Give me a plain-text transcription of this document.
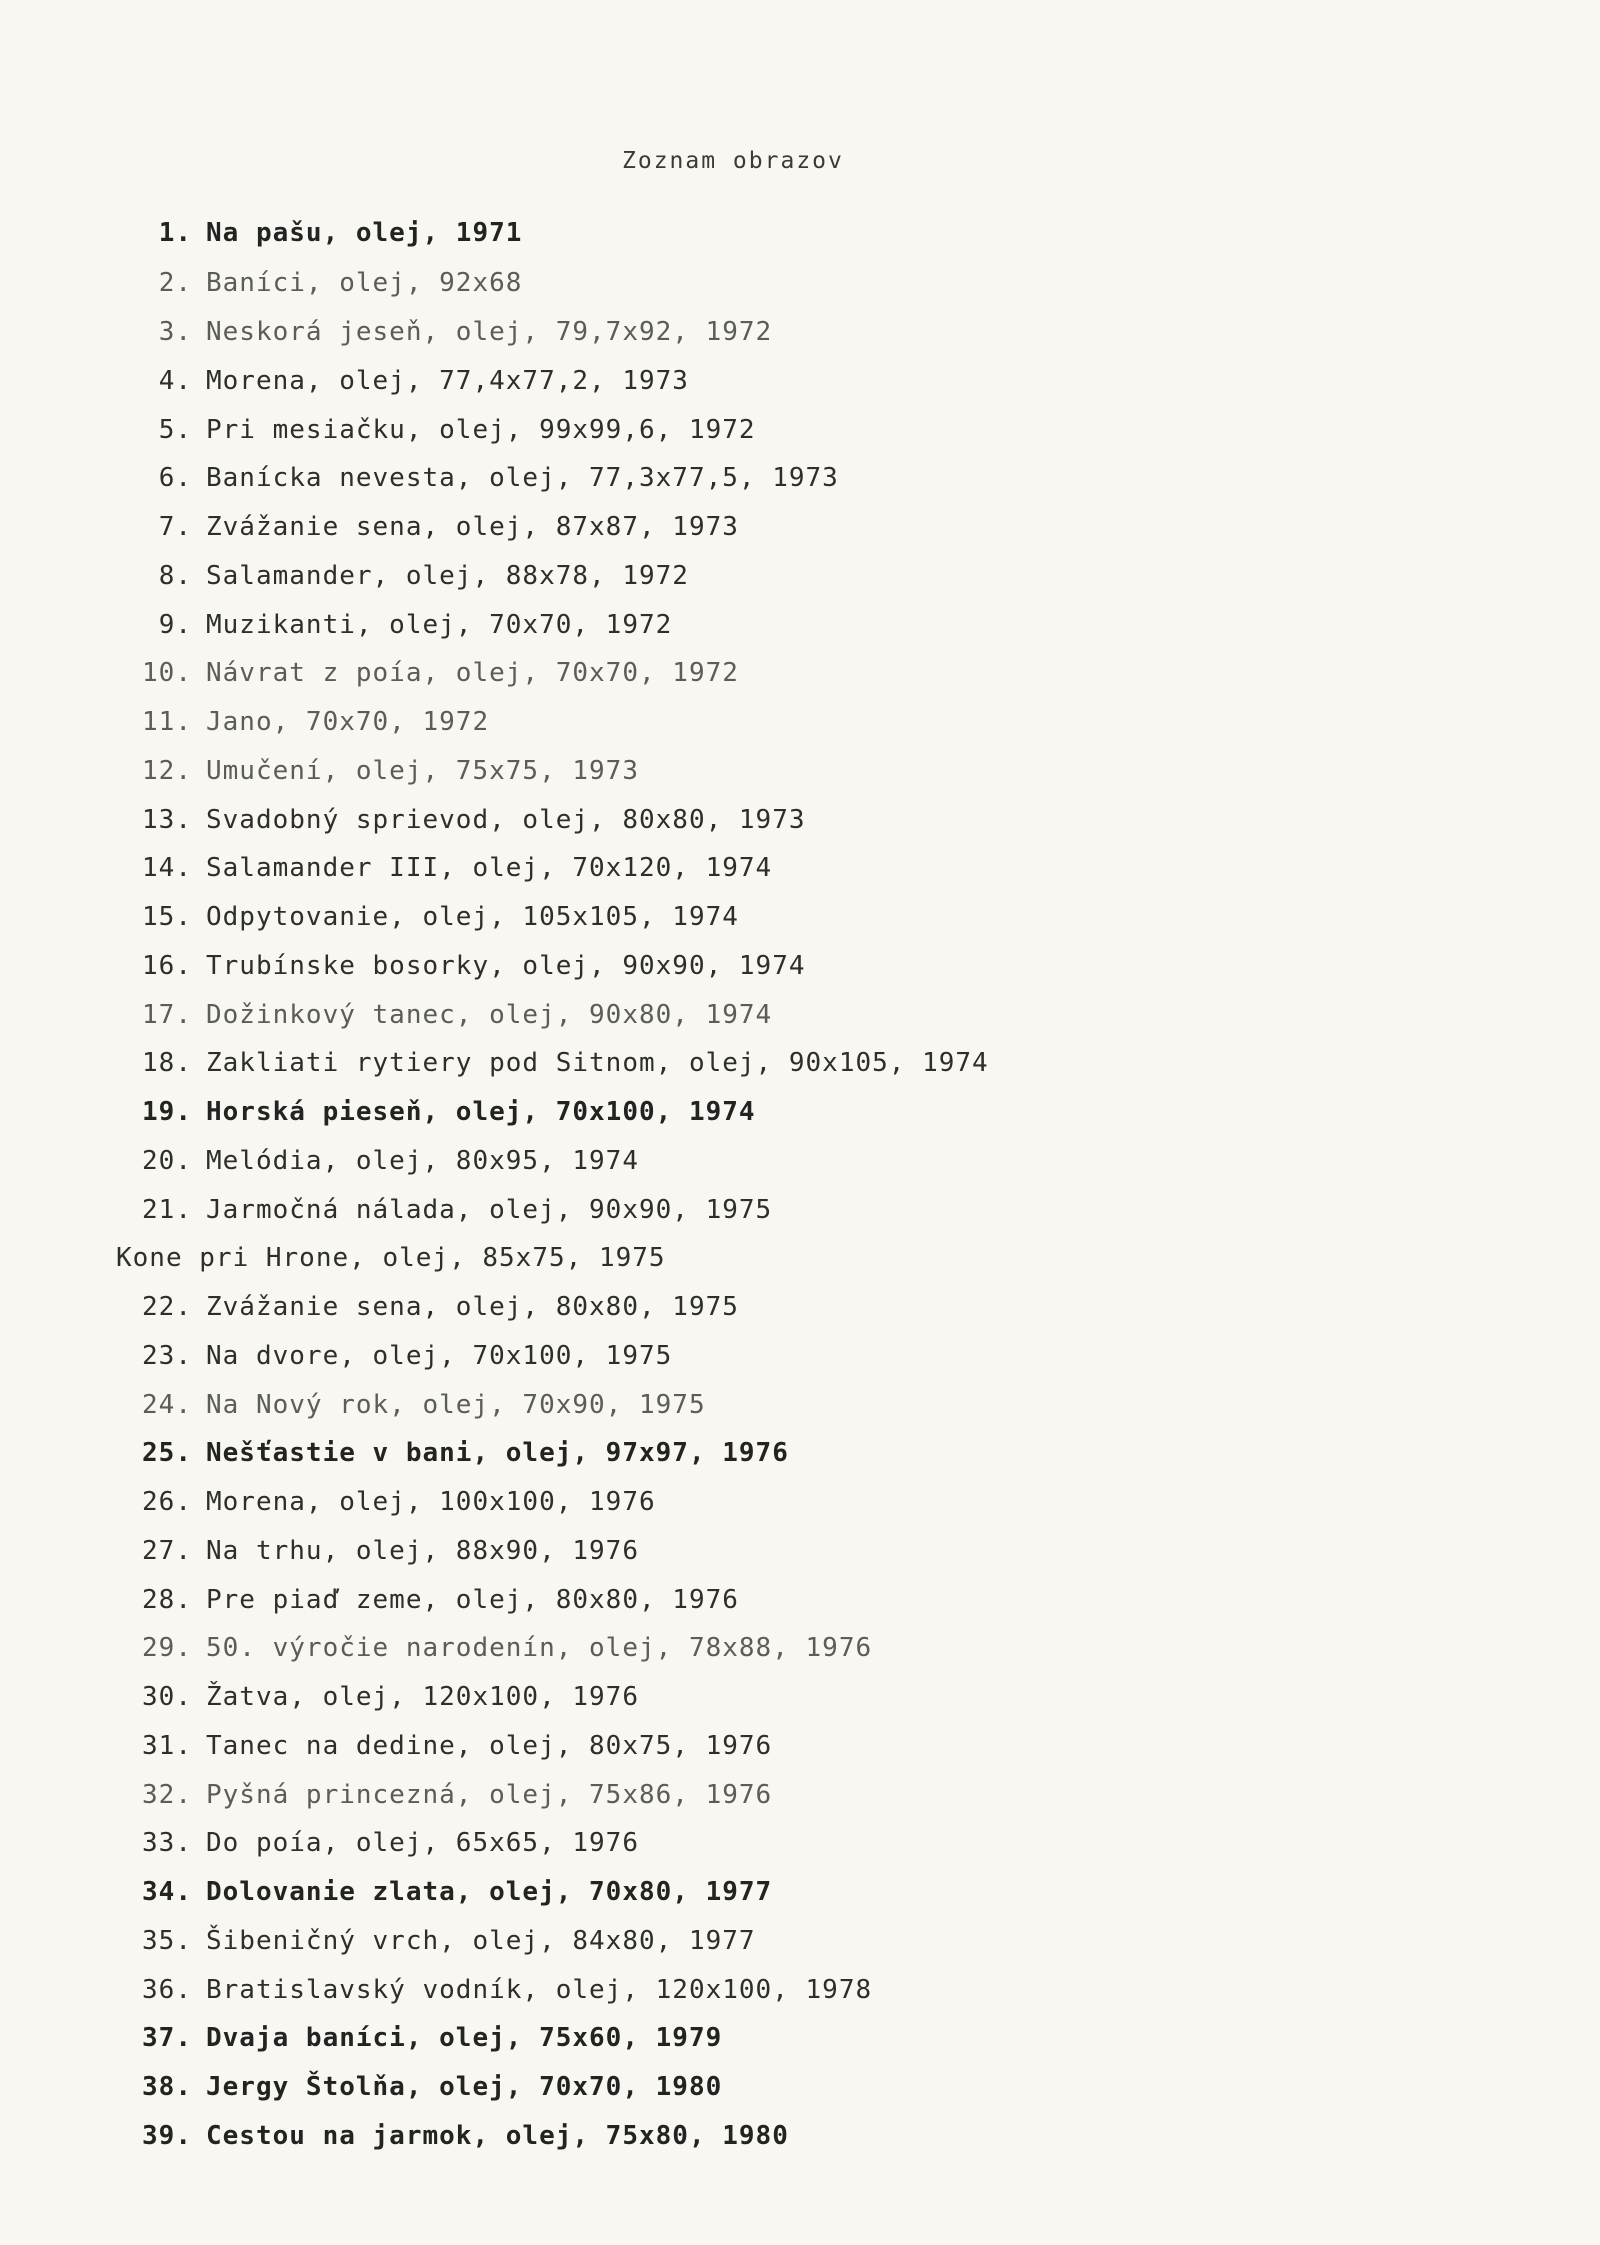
Zoznam obrazov
1. Na pašu, olej, 1971
2. Baníci, olej, 92x68
3. Neskorá jeseň, olej, 79,7x92, 1972
4. Morena, olej, 77,4x77,2, 1973
5. Pri mesiačku, olej, 99x99,6, 1972
6. Banícka nevesta, olej, 77,3x77,5, 1973
7. Zvážanie sena, olej, 87x87, 1973
8. Salamander, olej, 88x78, 1972
9. Muzikanti, olej, 70x70, 1972
10. Návrat z poía, olej, 70x70, 1972
11. Jano, 70x70, 1972
12. Umučení, olej, 75x75, 1973
13. Svadobný sprievod, olej, 80x80, 1973
14. Salamander III, olej, 70x120, 1974
15. Odpytovanie, olej, 105x105, 1974
16. Trubínske bosorky, olej, 90x90, 1974
17. Dožinkový tanec, olej, 90x80, 1974
18. Zakliati rytiery pod Sitnom, olej, 90x105, 1974
19. Horská pieseň, olej, 70x100, 1974
20. Melódia, olej, 80x95, 1974
21. Jarmočná nálada, olej, 90x90, 1975
Kone pri Hrone, olej, 85x75, 1975
22. Zvážanie sena, olej, 80x80, 1975
23. Na dvore, olej, 70x100, 1975
24. Na Nový rok, olej, 70x90, 1975
25. Nešťastie v bani, olej, 97x97, 1976
26. Morena, olej, 100x100, 1976
27. Na trhu, olej, 88x90, 1976
28. Pre piaď zeme, olej, 80x80, 1976
29. 50. výročie narodenín, olej, 78x88, 1976
30. Žatva, olej, 120x100, 1976
31. Tanec na dedine, olej, 80x75, 1976
32. Pyšná princezná, olej, 75x86, 1976
33. Do poía, olej, 65x65, 1976
34. Dolovanie zlata, olej, 70x80, 1977
35. Šibeničný vrch, olej, 84x80, 1977
36. Bratislavský vodník, olej, 120x100, 1978
37. Dvaja baníci, olej, 75x60, 1979
38. Jergy Štolňa, olej, 70x70, 1980
39. Cestou na jarmok, olej, 75x80, 1980
